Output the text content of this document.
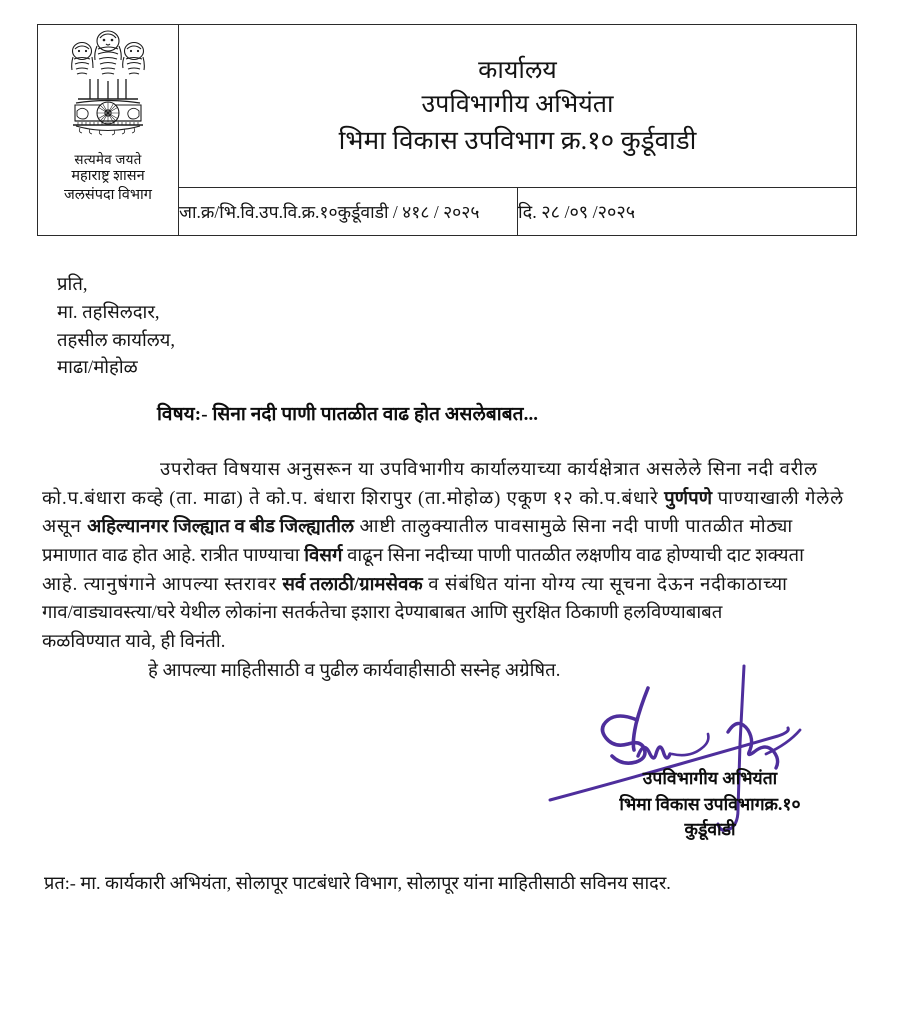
सत्यमेव जयते
महाराष्ट्र शासन
जलसंपदा विभाग

कार्यालय
उपविभागीय अभियंता
भिमा विकास उपविभाग क्र.१० कुर्डूवाडी

	जा.क्र/भि.वि.उप.वि.क्र.१०कुर्डूवाडी / ४१८ / २०२५	दि. २८ /०९ /२०२५
प्रति,
मा. तहसिलदार,
तहसील कार्यालय,
माढा/मोहोळ
विषय:- सिना नदी पाणी पातळीत वाढ होत असलेबाबत...
उपरोक्त विषयास अनुसरून या उपविभागीय कार्यालयाच्या कार्यक्षेत्रात असलेले सिना नदी वरील
को.प.बंधारा कव्हे (ता. माढा) ते को.प. बंधारा शिरापुर (ता.मोहोळ) एकूण १२ को.प.बंधारे पुर्णपणे पाण्याखाली गेलेले
असून अहिल्यानगर जिल्ह्यात व बीड जिल्ह्यातील आष्टी तालुक्यातील पावसामुळे सिना नदी पाणी पातळीत मोठ्या
प्रमाणात वाढ होत आहे. रात्रीत पाण्याचा विसर्ग वाढून सिना नदीच्या पाणी पातळीत लक्षणीय वाढ होण्याची दाट शक्यता
आहे. त्यानुषंगाने आपल्या स्तरावर सर्व तलाठी/ग्रामसेवक व संबंधित यांना योग्य त्या सूचना देऊन नदीकाठाच्या
गाव/वाड्यावस्त्या/घरे येथील लोकांना सतर्कतेचा इशारा देण्याबाबत आणि सुरक्षित ठिकाणी हलविण्याबाबत
कळविण्यात यावे, ही विनंती.
हे आपल्या माहितीसाठी व पुढील कार्यवाहीसाठी सस्नेह अग्रेषित.
उपविभागीय अभियंता
भिमा विकास उपविभागक्र.१०
कुर्डूवाडी
प्रत:- मा. कार्यकारी अभियंता, सोलापूर पाटबंधारे विभाग, सोलापूर यांना माहितीसाठी सविनय सादर.
